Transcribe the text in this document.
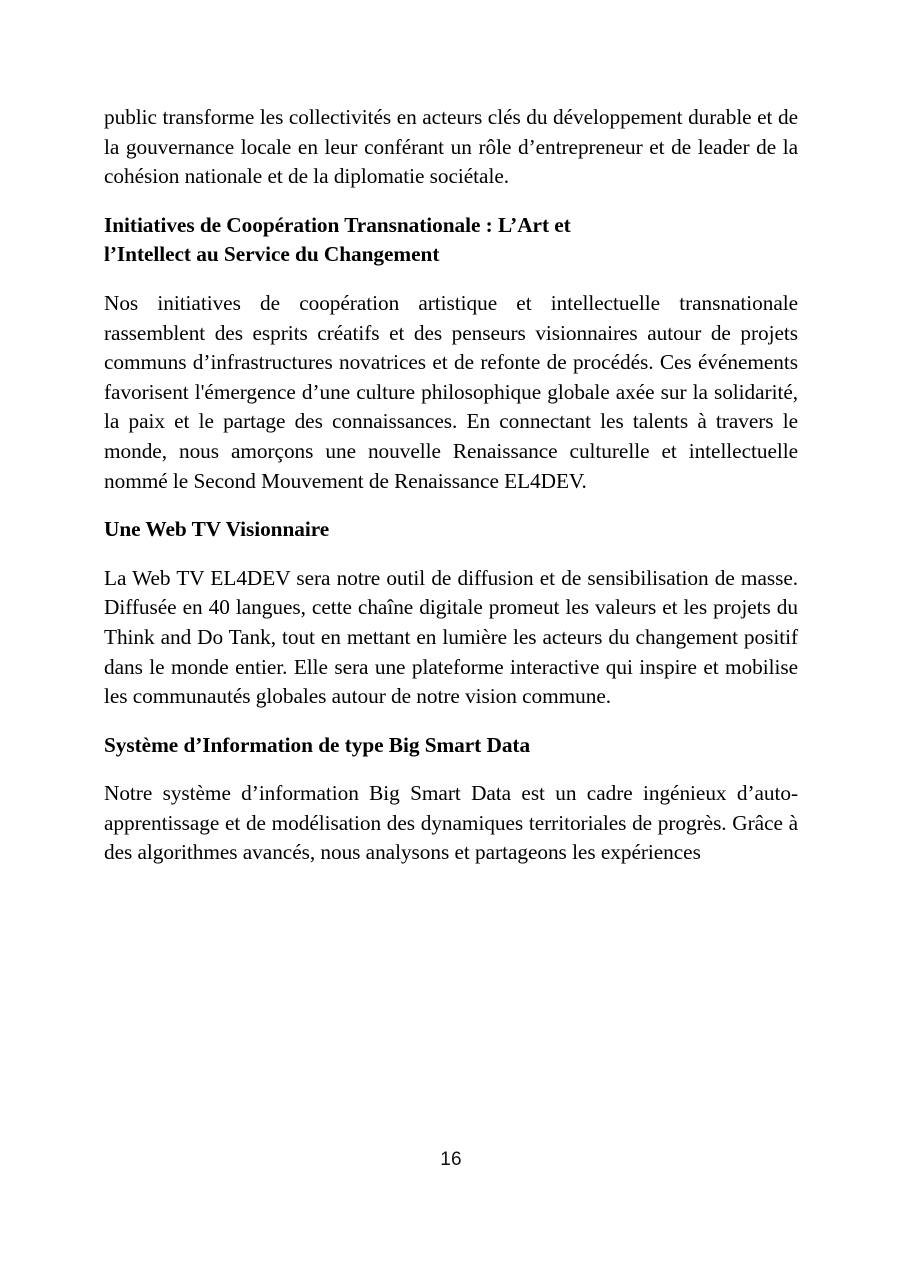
public transforme les collectivités en acteurs clés du développement durable et de la gouvernance locale en leur conférant un rôle d’entrepreneur et de leader de la cohésion nationale et de la diplomatie sociétale.

Initiatives de Coopération Transnationale : L’Art et
l’Intellect au Service du Changement

Nos initiatives de coopération artistique et intellectuelle transnationale rassemblent des esprits créatifs et des penseurs visionnaires autour de projets communs d’infrastructures novatrices et de refonte de procédés. Ces événements favorisent l'émergence d’une culture philosophique globale axée sur la solidarité, la paix et le partage des connaissances. En connectant les talents à travers le monde, nous amorçons une nouvelle Renaissance culturelle et intellectuelle nommé le Second Mouvement de Renaissance EL4DEV.

Une Web TV Visionnaire

La Web TV EL4DEV sera notre outil de diffusion et de sensibilisation de masse. Diffusée en 40 langues, cette chaîne digitale promeut les valeurs et les projets du Think and Do Tank, tout en mettant en lumière les acteurs du changement positif dans le monde entier. Elle sera une plateforme interactive qui inspire et mobilise les communautés globales autour de notre vision commune.

Système d’Information de type Big Smart Data

Notre système d’information Big Smart Data est un cadre ingénieux d’auto-apprentissage et de modélisation des dynamiques territoriales de progrès. Grâce à des algorithmes avancés, nous analysons et partageons les expériences

16
